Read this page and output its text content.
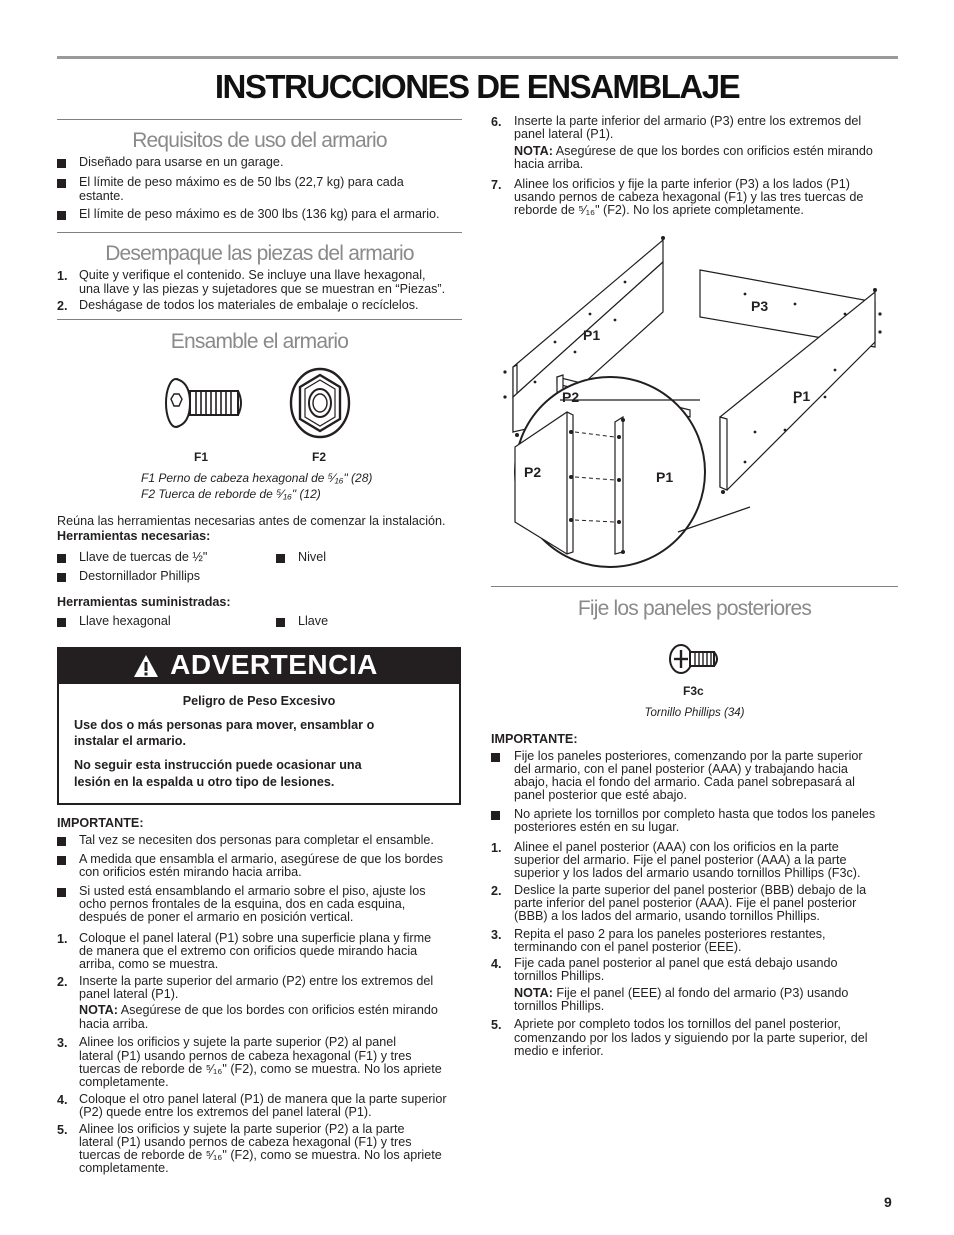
INSTRUCCIONES DE ENSAMBLAJE
Requisitos de uso del armario
Diseñado para usarse en un garage.
El límite de peso máximo es de 50 lbs (22,7 kg) para cada
estante.
El límite de peso máximo es de 300 lbs (136 kg) para el armario.
Desempaque las piezas del armario
1. Quite y verifique el contenido. Se incluye una llave hexagonal,
una llave y las piezas y sujetadores que se muestran en “Piezas”.
2. Deshágase de todos los materiales de embalaje o recíclelos.
Ensamble el armario
F1	F2
F1 Perno de cabeza hexagonal de ⁵⁄₁₆" (28)
F2 Tuerca de reborde de ⁵⁄₁₆" (12)
Reúna las herramientas necesarias antes de comenzar la instalación.
Herramientas necesarias:
Llave de tuercas de ½"	Nivel
Destornillador Phillips
Herramientas suministradas:
Llave hexagonal	Llave
ADVERTENCIA
Peligro de Peso Excesivo
Use dos o más personas para mover, ensamblar o
instalar el armario.
No seguir esta instrucción puede ocasionar una
lesión en la espalda u otro tipo de lesiones.
IMPORTANTE:
Tal vez se necesiten dos personas para completar el ensamble.
A medida que ensambla el armario, asegúrese de que los bordes
con orificios estén mirando hacia arriba.
Si usted está ensamblando el armario sobre el piso, ajuste los
ocho pernos frontales de la esquina, dos en cada esquina,
después de poner el armario en posición vertical.
1. Coloque el panel lateral (P1) sobre una superficie plana y firme
de manera que el extremo con orificios quede mirando hacia
arriba, como se muestra.
2. Inserte la parte superior del armario (P2) entre los extremos del
panel lateral (P1).
NOTA: Asegúrese de que los bordes con orificios estén mirando
hacia arriba.
3. Alinee los orificios y sujete la parte superior (P2) al panel
lateral (P1) usando pernos de cabeza hexagonal (F1) y tres
tuercas de reborde de ⁵⁄₁₆" (F2), como se muestra. No los apriete
completamente.
4. Coloque el otro panel lateral (P1) de manera que la parte superior
(P2) quede entre los extremos del panel lateral (P1).
5. Alinee los orificios y sujete la parte superior (P2) a la parte
lateral (P1) usando pernos de cabeza hexagonal (F1) y tres
tuercas de reborde de ⁵⁄₁₆" (F2), como se muestra. No los apriete
completamente.
6. Inserte la parte inferior del armario (P3) entre los extremos del
panel lateral (P1).
NOTA: Asegúrese de que los bordes con orificios estén mirando
hacia arriba.
7. Alinee los orificios y fije la parte inferior (P3) a los lados (P1)
usando pernos de cabeza hexagonal (F1) y las tres tuercas de
reborde de ⁵⁄₁₆" (F2). No los apriete completamente.
P1
P3
P2	P1
P2	P1
Fije los paneles posteriores
F3c
Tornillo Phillips (34)
IMPORTANTE:
Fije los paneles posteriores, comenzando por la parte superior
del armario, con el panel posterior (AAA) y trabajando hacia
abajo, hacia el fondo del armario. Cada panel sobrepasará al
panel posterior que esté abajo.
No apriete los tornillos por completo hasta que todos los paneles
posteriores estén en su lugar.
1. Alinee el panel posterior (AAA) con los orificios en la parte
superior del armario. Fije el panel posterior (AAA) a la parte
superior y los lados del armario usando tornillos Phillips (F3c).
2. Deslice la parte superior del panel posterior (BBB) debajo de la
parte inferior del panel posterior (AAA). Fije el panel posterior
(BBB) a los lados del armario, usando tornillos Phillips.
3. Repita el paso 2 para los paneles posteriores restantes,
terminando con el panel posterior (EEE).
4. Fije cada panel posterior al panel que está debajo usando
tornillos Phillips.
NOTA: Fije el panel (EEE) al fondo del armario (P3) usando
tornillos Phillips.
5. Apriete por completo todos los tornillos del panel posterior,
comenzando por los lados y siguiendo por la parte superior, del
medio e inferior.
9
